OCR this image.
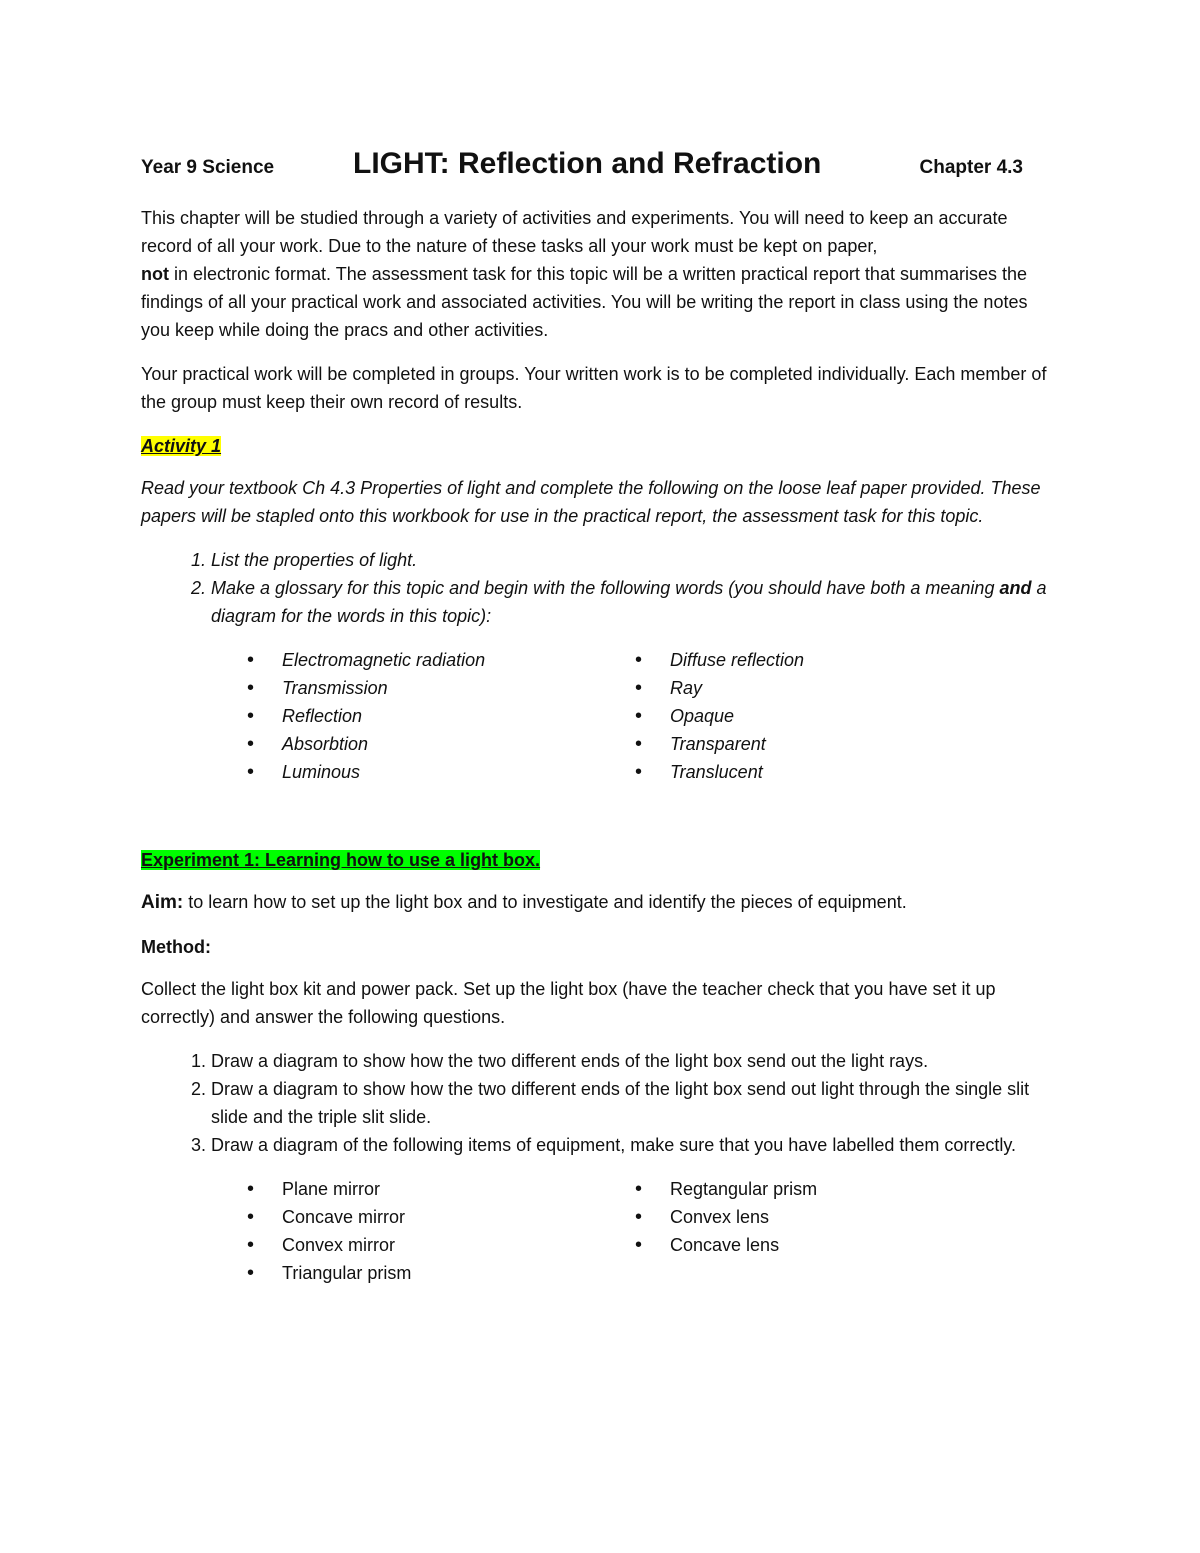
Year 9 Science	LIGHT: Reflection and Refraction	Chapter 4.3

This chapter will be studied through a variety of activities and experiments. You will need to keep an accurate record of all your work. Due to the nature of these tasks all your work must be kept on paper,
not in electronic format. The assessment task for this topic will be a written practical report that summarises the findings of all your practical work and associated activities. You will be writing the report in class using the notes you keep while doing the pracs and other activities.

Your practical work will be completed in groups. Your written work is to be completed individually. Each member of the group must keep their own record of results.

Activity 1

Read your textbook Ch 4.3 Properties of light and complete the following on the loose leaf paper provided. These papers will be stapled onto this workbook for use in the practical report, the assessment task for this topic.

1. List the properties of light.
2. Make a glossary for this topic and begin with the following words (you should have both a meaning and a diagram for the words in this topic):
• Electromagnetic radiation
• Transmission
• Reflection
• Absorbtion
• Luminous
• Diffuse reflection
• Ray
• Opaque
• Transparent
• Translucent

Experiment 1: Learning how to use a light box.

Aim: to learn how to set up the light box and to investigate and identify the pieces of equipment.

Method:

Collect the light box kit and power pack. Set up the light box (have the teacher check that you have set it up correctly) and answer the following questions.

1. Draw a diagram to show how the two different ends of the light box send out the light rays.
2. Draw a diagram to show how the two different ends of the light box send out light through the single slit slide and the triple slit slide.
3. Draw a diagram of the following items of equipment, make sure that you have labelled them correctly.
• Plane mirror
• Concave mirror
• Convex mirror
• Triangular prism
• Regtangular prism
• Convex lens
• Concave lens
